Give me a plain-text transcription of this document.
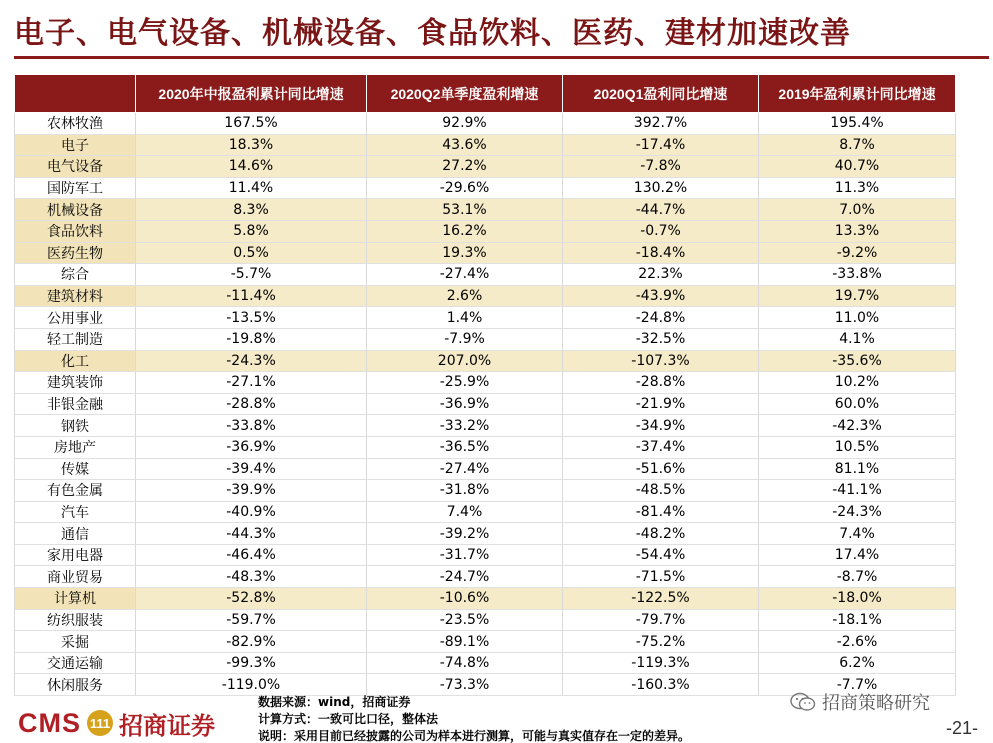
电子、电气设备、机械设备、食品饮料、医药、建材加速改善
	2020年中报盈利累计同比增速	2020Q2单季度盈利增速	2020Q1盈利同比增速	2019年盈利累计同比增速
农林牧渔	167.5%	92.9%	392.7%	195.4%
电子	18.3%	43.6%	-17.4%	8.7%
电气设备	14.6%	27.2%	-7.8%	40.7%
国防军工	11.4%	-29.6%	130.2%	11.3%
机械设备	8.3%	53.1%	-44.7%	7.0%
食品饮料	5.8%	16.2%	-0.7%	13.3%
医药生物	0.5%	19.3%	-18.4%	-9.2%
综合	-5.7%	-27.4%	22.3%	-33.8%
建筑材料	-11.4%	2.6%	-43.9%	19.7%
公用事业	-13.5%	1.4%	-24.8%	11.0%
轻工制造	-19.8%	-7.9%	-32.5%	4.1%
化工	-24.3%	207.0%	-107.3%	-35.6%
建筑装饰	-27.1%	-25.9%	-28.8%	10.2%
非银金融	-28.8%	-36.9%	-21.9%	60.0%
钢铁	-33.8%	-33.2%	-34.9%	-42.3%
房地产	-36.9%	-36.5%	-37.4%	10.5%
传媒	-39.4%	-27.4%	-51.6%	81.1%
有色金属	-39.9%	-31.8%	-48.5%	-41.1%
汽车	-40.9%	7.4%	-81.4%	-24.3%
通信	-44.3%	-39.2%	-48.2%	7.4%
家用电器	-46.4%	-31.7%	-54.4%	17.4%
商业贸易	-48.3%	-24.7%	-71.5%	-8.7%
计算机	-52.8%	-10.6%	-122.5%	-18.0%
纺织服装	-59.7%	-23.5%	-79.7%	-18.1%
采掘	-82.9%	-89.1%	-75.2%	-2.6%
交通运输	-99.3%	-74.8%	-119.3%	6.2%
休闲服务	-119.0%	-73.3%	-160.3%	-7.7%
CMS 111 招商证券
数据来源：wind，招商证券
计算方式：一致可比口径，整体法
说明：采用目前已经披露的公司为样本进行测算，可能与真实值存在一定的差异。
招商策略研究
-21-
